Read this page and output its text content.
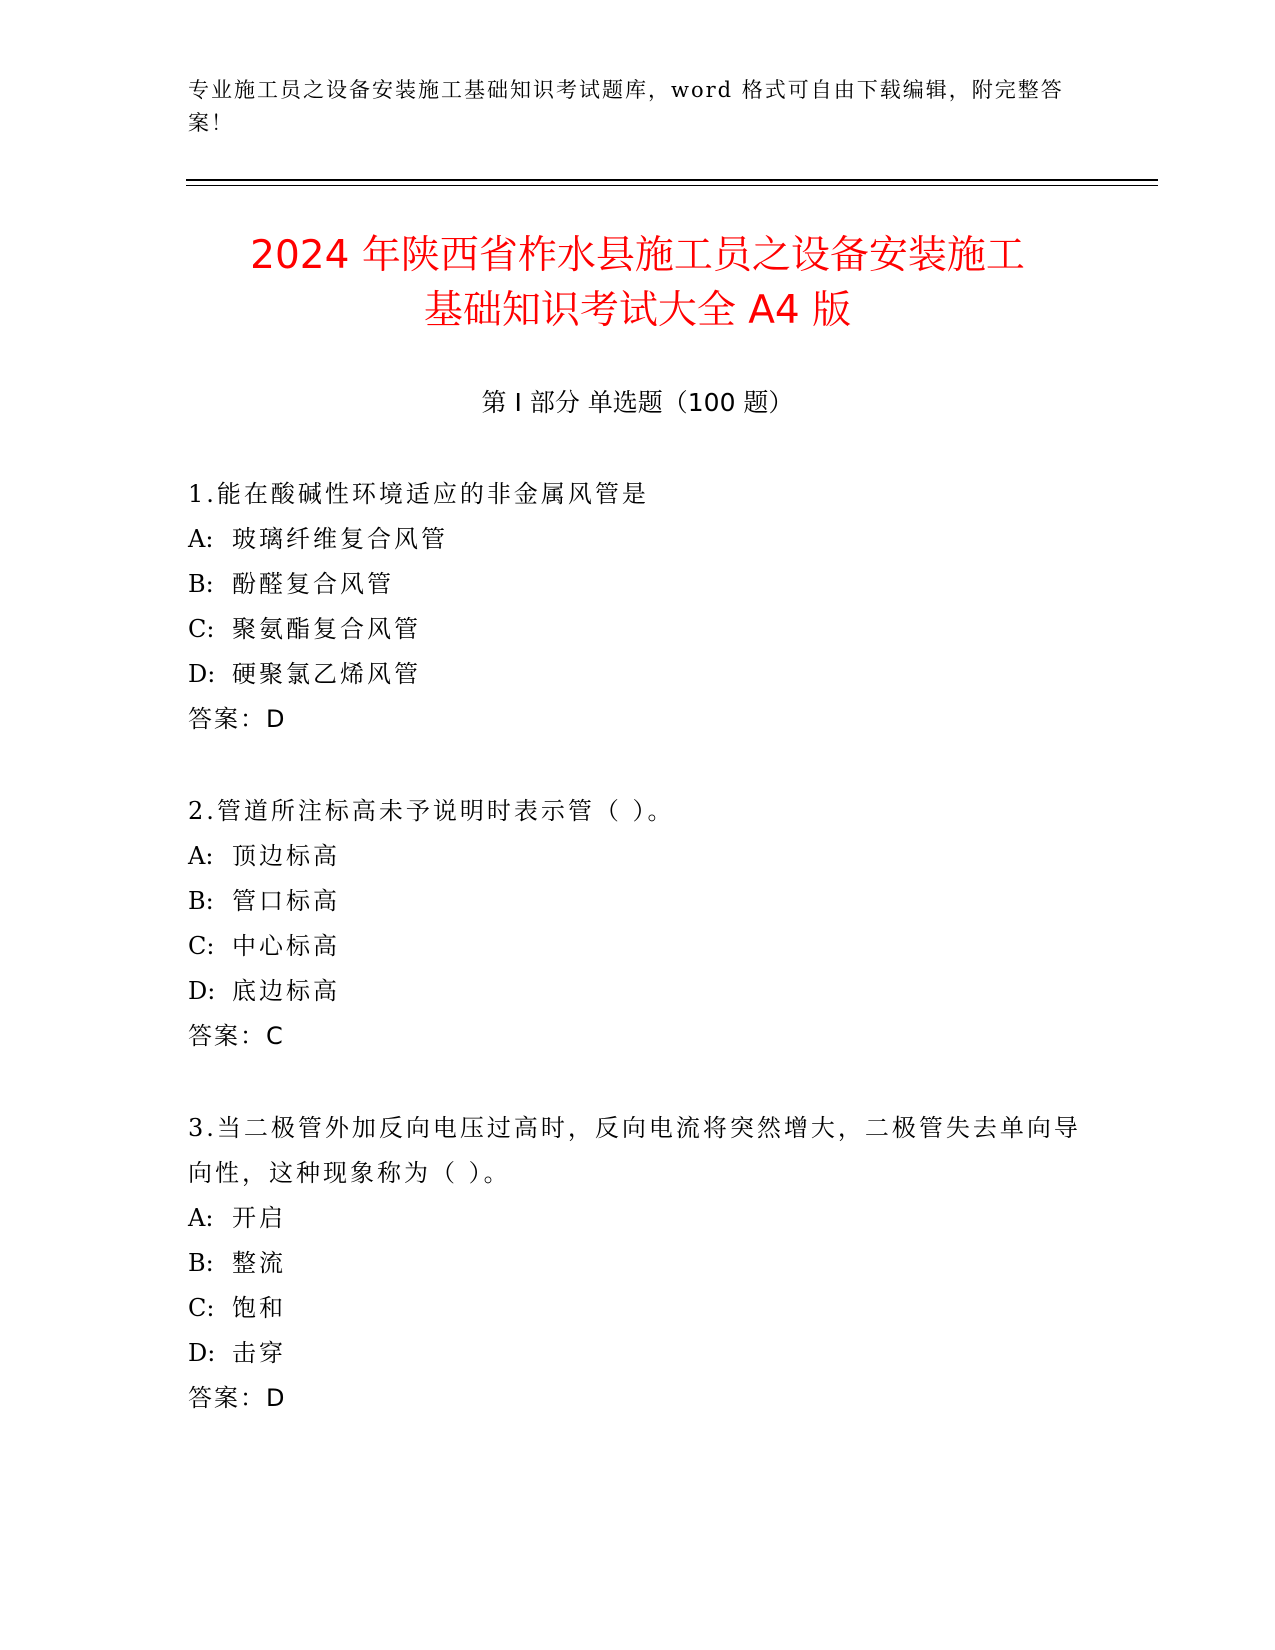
专业施工员之设备安装施工基础知识考试题库，word 格式可自由下载编辑，附完整答案！
2024 年陕西省柞水县施工员之设备安装施工
基础知识考试大全 A4 版
第 I 部分 单选题（100 题）
1.能在酸碱性环境适应的非金属风管是
A: 玻璃纤维复合风管
B: 酚醛复合风管
C: 聚氨酯复合风管
D: 硬聚氯乙烯风管
答案：D
2.管道所注标高未予说明时表示管（ ）。
A: 顶边标高
B: 管口标高
C: 中心标高
D: 底边标高
答案：C
3.当二极管外加反向电压过高时，反向电流将突然增大，二极管失去单向导向性，这种现象称为（ ）。
A: 开启
B: 整流
C: 饱和
D: 击穿
答案：D
